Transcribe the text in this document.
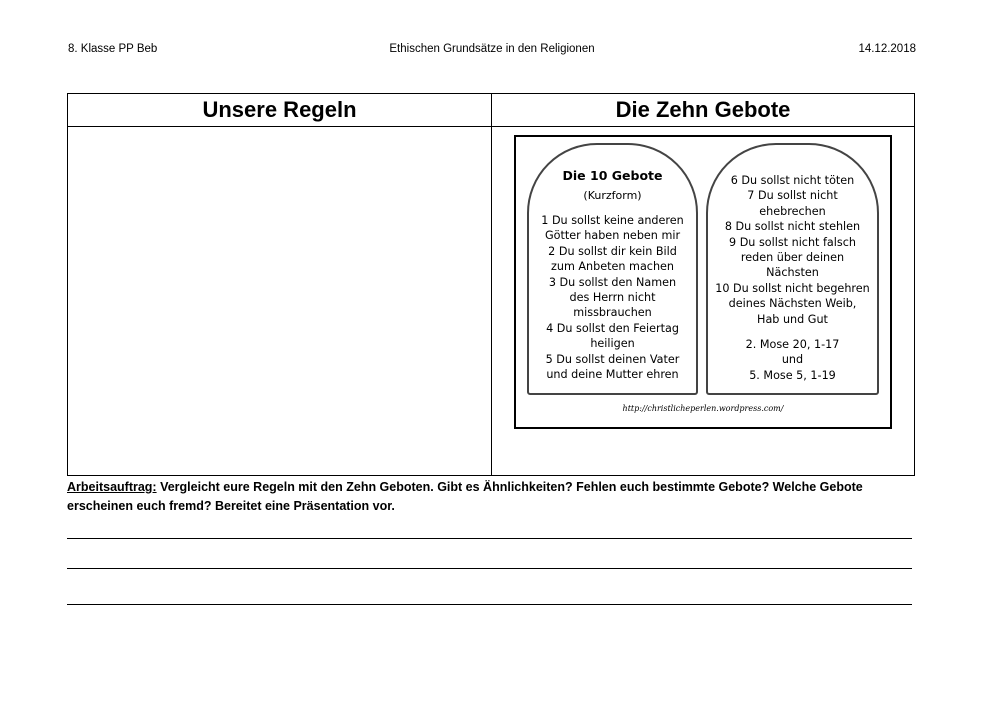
8. Klasse PP Beb	Ethischen Grundsätze in den Religionen	14.12.2018
Unsere Regeln	Die Zehn Gebote
Die 10 Gebote
(Kurzform)
1 Du sollst keine anderen
Götter haben neben mir
2 Du sollst dir kein Bild
zum Anbeten machen
3 Du sollst den Namen
des Herrn nicht
missbrauchen
4 Du sollst den Feiertag
heiligen
5 Du sollst deinen Vater
und deine Mutter ehren
6 Du sollst nicht töten
7 Du sollst nicht
ehebrechen
8 Du sollst nicht stehlen
9 Du sollst nicht falsch
reden über deinen
Nächsten
10 Du sollst nicht begehren
deines Nächsten Weib,
Hab und Gut
2. Mose 20, 1-17
und
5. Mose 5, 1-19
http://christlicheperlen.wordpress.com/
Arbeitsauftrag: Vergleicht eure Regeln mit den Zehn Geboten. Gibt es Ähnlichkeiten? Fehlen euch bestimmte Gebote? Welche Gebote erscheinen euch fremd? Bereitet eine Präsentation vor.
